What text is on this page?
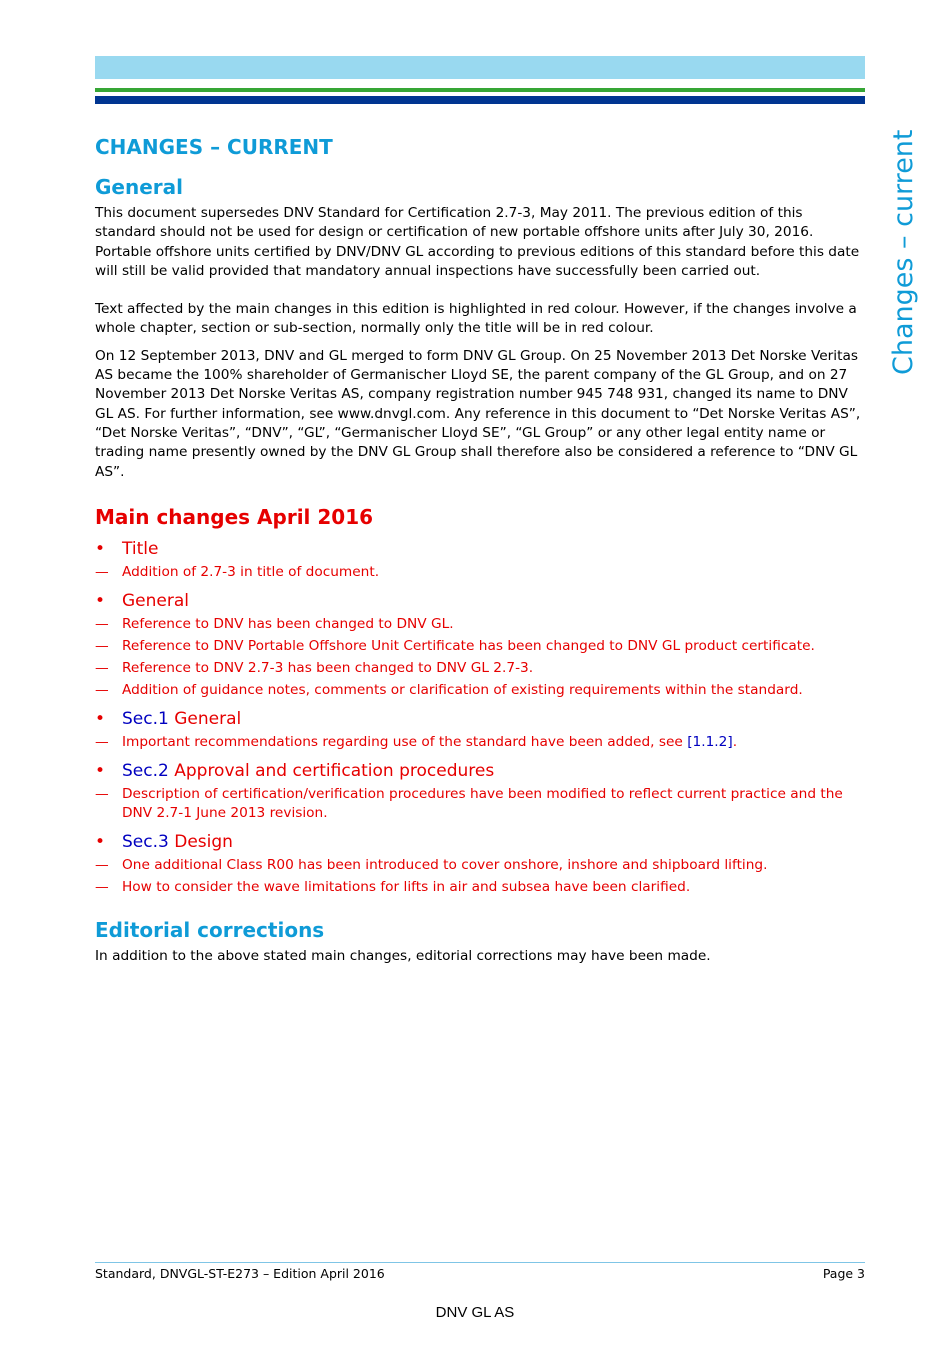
Changes – current
CHANGES – CURRENT
General

This document supersedes DNV Standard for Certification 2.7-3, May 2011. The previous edition of this standard should not be used for design or certification of new portable offshore units after July 30, 2016. Portable offshore units certified by DNV/DNV GL according to previous editions of this standard before this date will still be valid provided that mandatory annual inspections have successfully been carried out.

Text affected by the main changes in this edition is highlighted in red colour. However, if the changes involve a whole chapter, section or sub-section, normally only the title will be in red colour.

On 12 September 2013, DNV and GL merged to form DNV GL Group. On 25 November 2013 Det Norske Veritas AS became the 100% shareholder of Germanischer Lloyd SE, the parent company of the GL Group, and on 27 November 2013 Det Norske Veritas AS, company registration number 945 748 931, changed its name to DNV GL AS. For further information, see www.dnvgl.com. Any reference in this document to “Det Norske Veritas AS”, “Det Norske Veritas”, “DNV”, “GL”, “Germanischer Lloyd SE”, “GL Group” or any other legal entity name or trading name presently owned by the DNV GL Group shall therefore also be considered a reference to “DNV GL AS”.

Main changes April 2016
• Title
— Addition of 2.7-3 in title of document.
• General
— Reference to DNV has been changed to DNV GL.
— Reference to DNV Portable Offshore Unit Certificate has been changed to DNV GL product certificate.
— Reference to DNV 2.7-3 has been changed to DNV GL 2.7-3.
— Addition of guidance notes, comments or clarification of existing requirements within the standard.
• Sec.1 General
— Important recommendations regarding use of the standard have been added, see [1.1.2].
• Sec.2 Approval and certification procedures
— Description of certification/verification procedures have been modified to reflect current practice and the DNV 2.7-1 June 2013 revision.
• Sec.3 Design
— One additional Class R00 has been introduced to cover onshore, inshore and shipboard lifting.
— How to consider the wave limitations for lifts in air and subsea have been clarified.
Editorial corrections

In addition to the above stated main changes, editorial corrections may have been made.

Standard, DNVGL-ST-E273 – Edition April 2016	Page 3
DNV GL AS
